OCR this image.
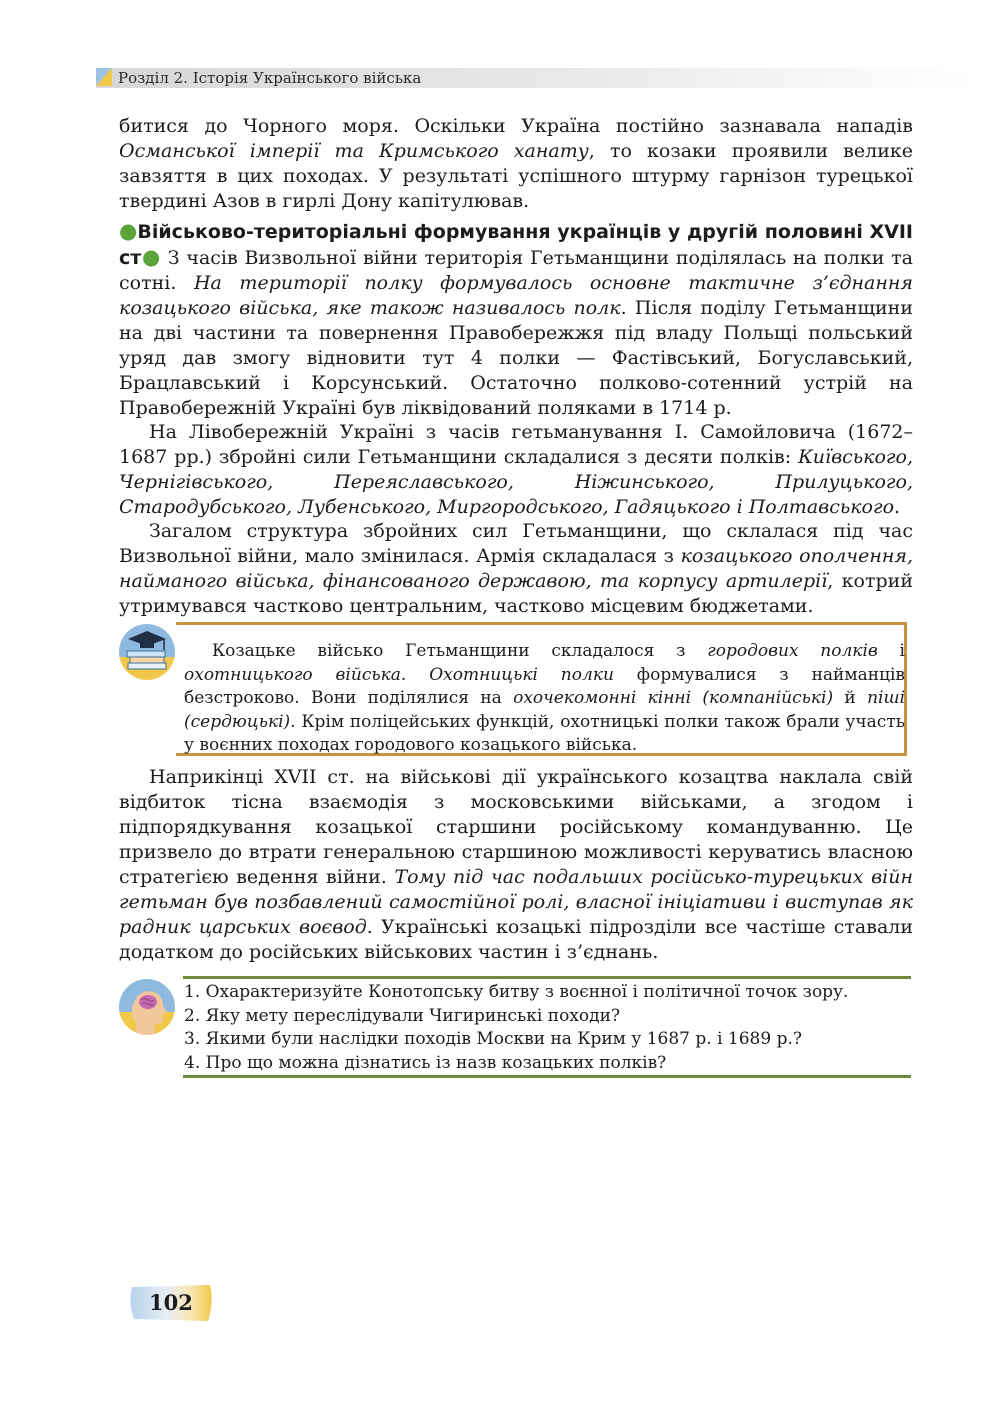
Розділ 2. Історія Українського війська

битися до Чорного моря. Оскільки Україна постійно зазнавала нападів Османської імперії та Кримського ханату, то козаки проявили велике завзяття в цих походах. У результаті успішного штурму гарнізон турецької твердині Азов в гирлі Дону капітулював.

●Військово-територіальні формування українців у другій половині XVII ст● З часів Визвольної війни територія Гетьманщини поділялась на полки та сотні. На території полку формувалось основне тактичне з’єднання козацького війська, яке також називалось полк. Після поділу Гетьманщини на дві частини та повернення Правобережжя під владу Польщі польський уряд дав змогу відновити тут 4 полки — Фастівський, Богуславський, Брацлавський і Корсунський. Остаточно полково-сотенний устрій на Правобережній Україні був ліквідований поляками в 1714 р.

На Лівобережній Україні з часів гетьманування І. Самойловича (1672–1687 рр.) збройні сили Гетьманщини складалися з десяти полків: Київського, Чернігівського, Переяславського, Ніжинського, Прилуцького, Стародубського, Лубенського, Миргородського, Гадяцького і Полтавського.

Загалом структура збройних сил Гетьманщини, що склалася під час Визвольної війни, мало змінилася. Армія складалася з козацького ополчення, найманого війська, фінансованого державою, та корпусу артилерії, котрий утримувався частково центральним, частково місцевим бюджетами.

Козацьке військо Гетьманщини складалося з городових полків і охотницького війська. Охотницькі полки формувалися з найманців безстроково. Вони поділялися на охочекомонні кінні (компанійські) й піші (сердюцькі). Крім поліцейських функцій, охотницькі полки також брали участь у воєнних походах городового козацького війська.

Наприкінці XVII ст. на військові дії українського козацтва наклала свій відбиток тісна взаємодія з московськими військами, а згодом і підпорядкування козацької старшини російському командуванню. Це призвело до втрати генеральною старшиною можливості керуватись власною стратегією ведення війни. Тому під час подальших російсько-турецьких війн гетьман був позбавлений самостійної ролі, власної ініціативи і виступав як радник царських воєвод. Українські козацькі підрозділи все частіше ставали додатком до російських військових частин і з’єднань.

1. Охарактеризуйте Конотопську битву з воєнної і політичної точок зору.
2. Яку мету переслідували Чигиринські походи?
3. Якими були наслідки походів Москви на Крим у 1687 р. і 1689 р.?
4. Про що можна дізнатись із назв козацьких полків?
102
